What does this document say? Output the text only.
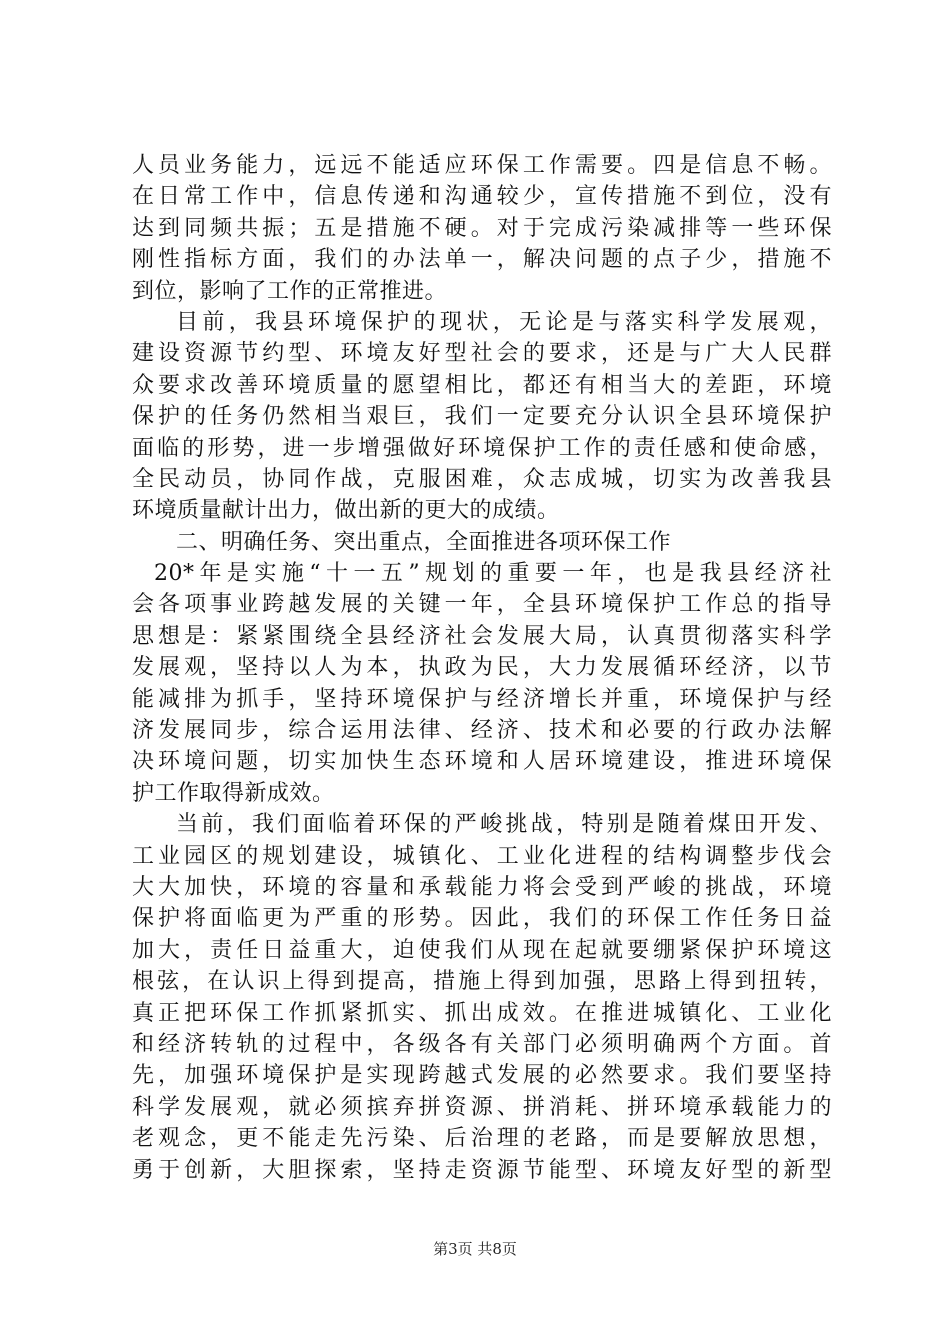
人员业务能力，远远不能适应环保工作需要。四是信息不畅。
在日常工作中，信息传递和沟通较少，宣传措施不到位，没有
达到同频共振；五是措施不硬。对于完成污染减排等一些环保
刚性指标方面，我们的办法单一，解决问题的点子少，措施不
到位，影响了工作的正常推进。
目前，我县环境保护的现状，无论是与落实科学发展观，
建设资源节约型、环境友好型社会的要求，还是与广大人民群
众要求改善环境质量的愿望相比，都还有相当大的差距，环境
保护的任务仍然相当艰巨，我们一定要充分认识全县环境保护
面临的形势，进一步增强做好环境保护工作的责任感和使命感，
全民动员，协同作战，克服困难，众志成城，切实为改善我县
环境质量献计出力，做出新的更大的成绩。
二、明确任务、突出重点，全面推进各项环保工作
20*年是实施“十一五”规划的重要一年，也是我县经济社
会各项事业跨越发展的关键一年，全县环境保护工作总的指导
思想是：紧紧围绕全县经济社会发展大局，认真贯彻落实科学
发展观，坚持以人为本，执政为民，大力发展循环经济，以节
能减排为抓手，坚持环境保护与经济增长并重，环境保护与经
济发展同步，综合运用法律、经济、技术和必要的行政办法解
决环境问题，切实加快生态环境和人居环境建设，推进环境保
护工作取得新成效。
当前，我们面临着环保的严峻挑战，特别是随着煤田开发、
工业园区的规划建设，城镇化、工业化进程的结构调整步伐会
大大加快，环境的容量和承载能力将会受到严峻的挑战，环境
保护将面临更为严重的形势。因此，我们的环保工作任务日益
加大，责任日益重大，迫使我们从现在起就要绷紧保护环境这
根弦，在认识上得到提高，措施上得到加强，思路上得到扭转，
真正把环保工作抓紧抓实、抓出成效。在推进城镇化、工业化
和经济转轨的过程中，各级各有关部门必须明确两个方面。首
先，加强环境保护是实现跨越式发展的必然要求。我们要坚持
科学发展观，就必须摈弃拼资源、拼消耗、拼环境承载能力的
老观念，更不能走先污染、后治理的老路，而是要解放思想，
勇于创新，大胆探索，坚持走资源节能型、环境友好型的新型
第3页 共8页
